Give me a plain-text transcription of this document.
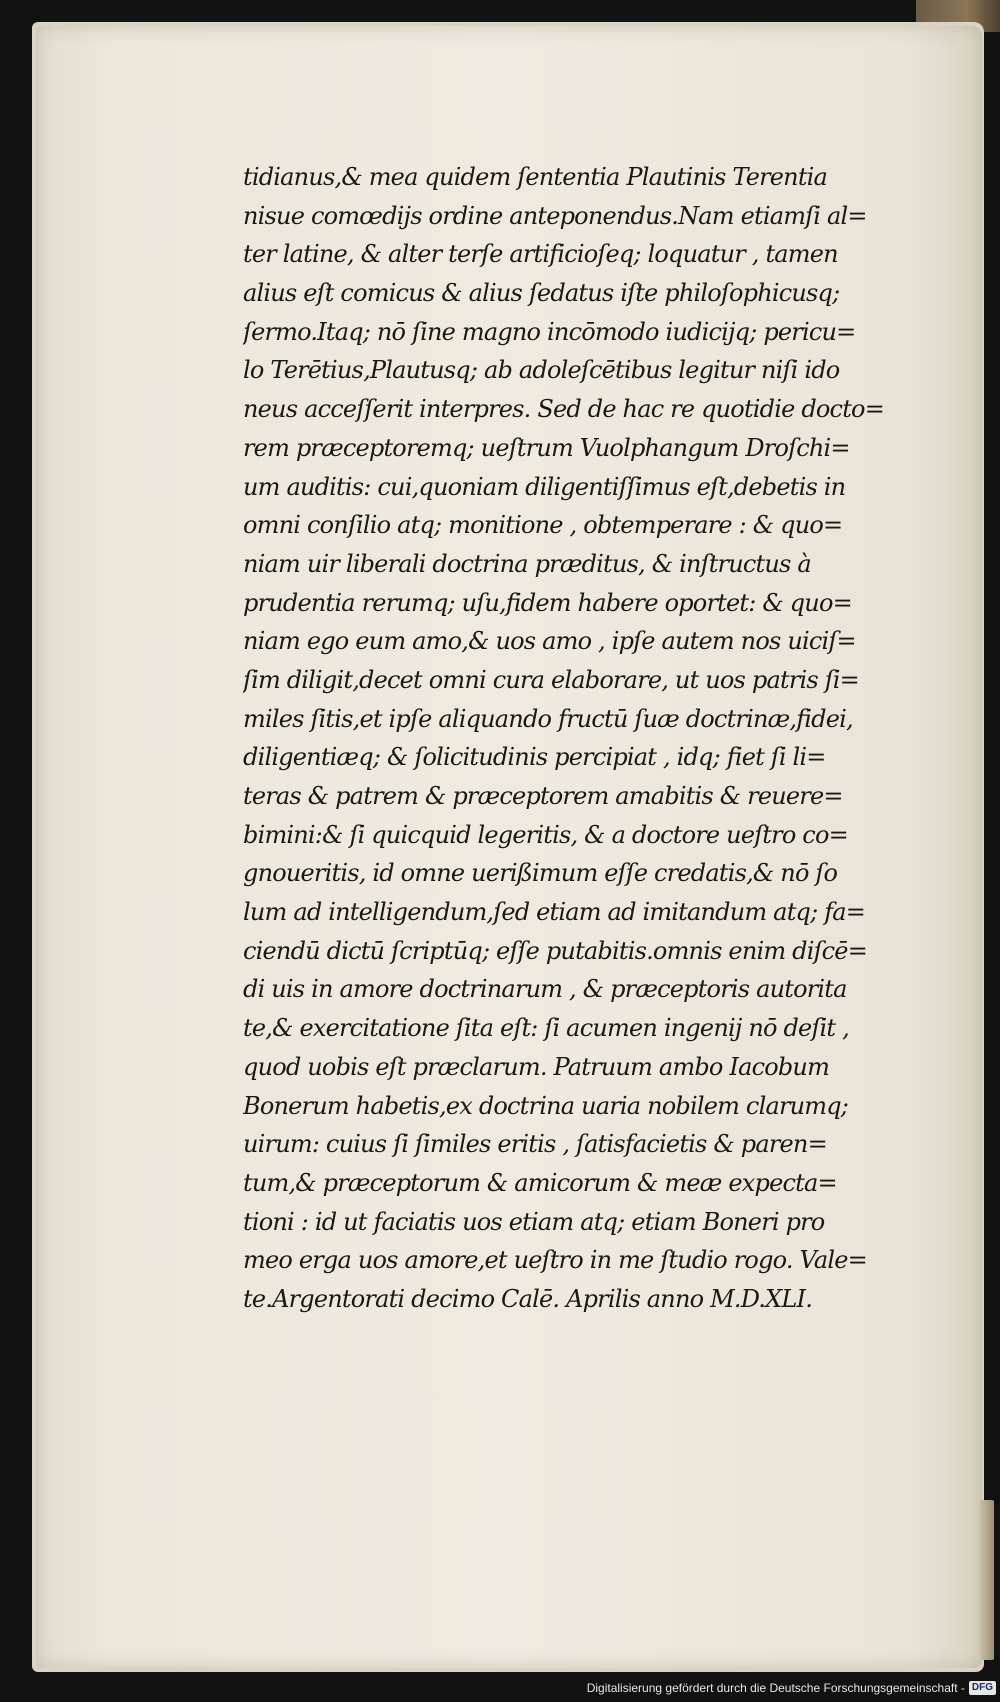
tidianus,& mea quidem ſententia Plautinis Terentia
nisue comœdijs ordine anteponendus.Nam etiamſi al=
ter latine, & alter terſe artificioſeq; loquatur , tamen
alius eſt comicus & alius ſedatus iſte philoſophicusq;
ſermo.Itaq; nō ſine magno incōmodo iudicijq; pericu=
lo Terētius,Plautusq; ab adoleſcētibus legitur niſi ido
neus acceſſerit interpres. Sed de hac re quotidie docto=
rem præceptoremq; ueſtrum Vuolphangum Droſchi=
um auditis: cui,quoniam diligentiſſimus eſt,debetis in
omni conſilio atq; monitione , obtemperare : & quo=
niam uir liberali doctrina præditus, & inſtructus à
prudentia rerumq; uſu,fidem habere oportet: & quo=
niam ego eum amo,& uos amo , ipſe autem nos uiciſ=
ſim diligit,decet omni cura elaborare, ut uos patris ſi=
miles ſitis,et ipſe aliquando fructū ſuæ doctrinæ,fidei,
diligentiæq; & ſolicitudinis percipiat , idq; fiet ſi li=
teras & patrem & præceptorem amabitis & reuere=
bimini:& ſi quicquid legeritis, & a doctore ueſtro co=
gnoueritis, id omne uerißimum eſſe credatis,& nō ſo
lum ad intelligendum,ſed etiam ad imitandum atq; fa=
ciendū dictū ſcriptūq; eſſe putabitis.omnis enim diſcē=
di uis in amore doctrinarum , & præceptoris autorita
te,& exercitatione ſita eſt: ſi acumen ingenij nō deſit ,
quod uobis eſt præclarum. Patruum ambo Iacobum
Bonerum habetis,ex doctrina uaria nobilem clarumq;
uirum: cuius ſi ſimiles eritis , ſatisfacietis & paren=
tum,& præceptorum & amicorum & meæ expecta=
tioni : id ut faciatis uos etiam atq; etiam Boneri pro
meo erga uos amore,et ueſtro in me ſtudio rogo. Vale=
te.Argentorati decimo Calē. Aprilis anno M.D.XLI.
Digitalisierung gefördert durch die Deutsche Forschungsgemeinschaft - DFG
